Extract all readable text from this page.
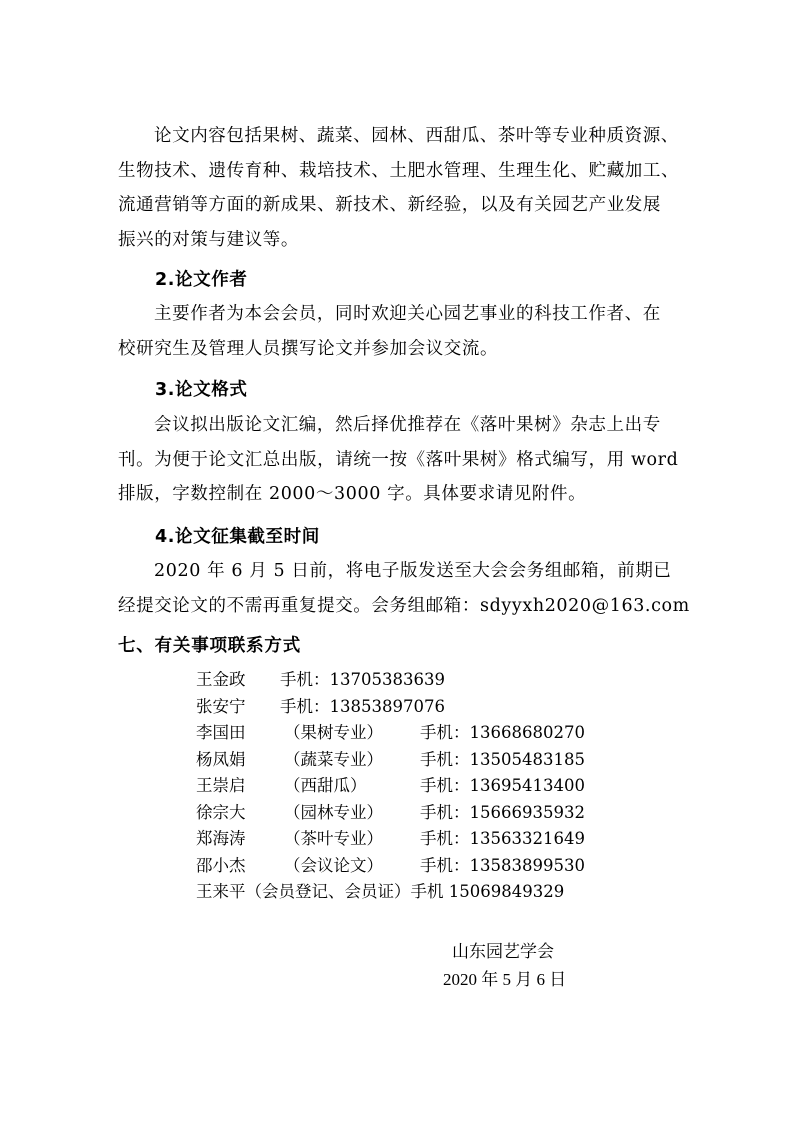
论文内容包括果树、蔬菜、园林、西甜瓜、茶叶等专业种质资源、
生物技术、遗传育种、栽培技术、土肥水管理、生理生化、贮藏加工、
流通营销等方面的新成果、新技术、新经验，以及有关园艺产业发展
振兴的对策与建议等。

2.论文作者

主要作者为本会会员，同时欢迎关心园艺事业的科技工作者、在
校研究生及管理人员撰写论文并参加会议交流。

3.论文格式

会议拟出版论文汇编，然后择优推荐在《落叶果树》杂志上出专
刊。为便于论文汇总出版，请统一按《落叶果树》格式编写，用 word
排版，字数控制在 2000～3000 字。具体要求请见附件。

4.论文征集截至时间

2020 年 6 月 5 日前，将电子版发送至大会会务组邮箱，前期已
经提交论文的不需再重复提交。会务组邮箱：sdyyxh2020@163.com

七、有关事项联系方式

王金政 手机：13705383639
张安宁 手机：13853897076
李国田 （果树专业） 手机：13668680270
杨凤娟 （蔬菜专业） 手机：13505483185
王崇启 （西甜瓜）	手机：13695413400
徐宗大 （园林专业） 手机：15666935932
郑海涛 （茶叶专业） 手机：13563321649
邵小杰 （会议论文） 手机：13583899530
王来平（会员登记、会员证）手机 15069849329

山东园艺学会

2020 年 5 月 6 日
